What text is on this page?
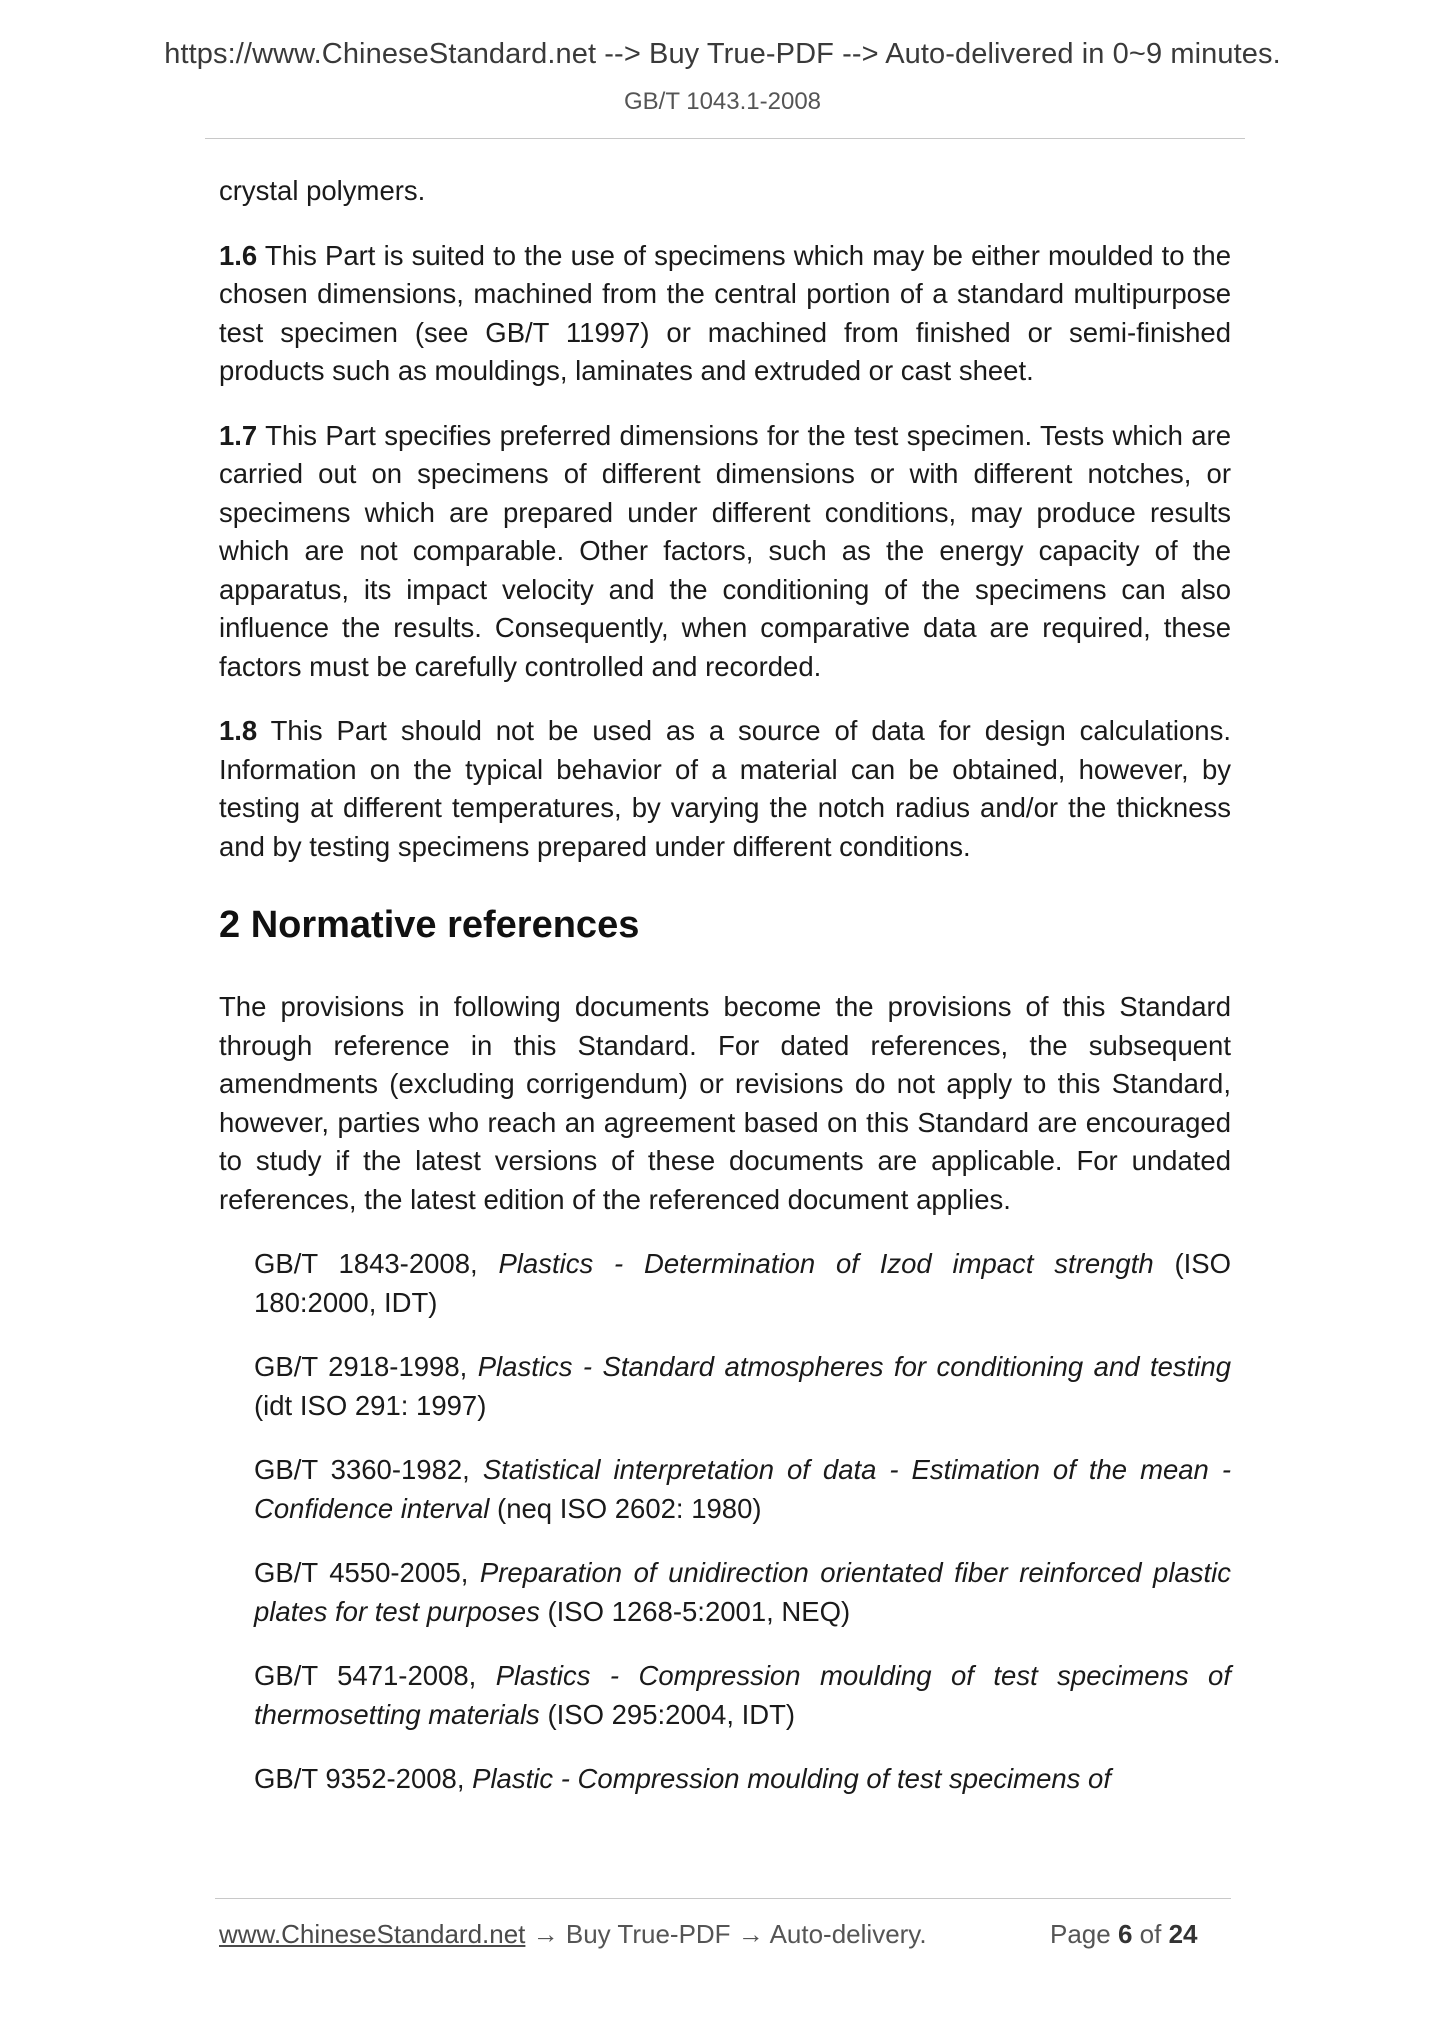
https://www.ChineseStandard.net --> Buy True-PDF --> Auto-delivered in 0~9 minutes.
GB/T 1043.1-2008

crystal polymers.

1.6 This Part is suited to the use of specimens which may be either moulded to the chosen dimensions, machined from the central portion of a standard multipurpose test specimen (see GB/T 11997) or machined from finished or semi-finished products such as mouldings, laminates and extruded or cast sheet.

1.7 This Part specifies preferred dimensions for the test specimen. Tests which are carried out on specimens of different dimensions or with different notches, or specimens which are prepared under different conditions, may produce results which are not comparable. Other factors, such as the energy capacity of the apparatus, its impact velocity and the conditioning of the specimens can also influence the results. Consequently, when comparative data are required, these factors must be carefully controlled and recorded.

1.8 This Part should not be used as a source of data for design calculations. Information on the typical behavior of a material can be obtained, however, by testing at different temperatures, by varying the notch radius and/or the thickness and by testing specimens prepared under different conditions.

2 Normative references

The provisions in following documents become the provisions of this Standard through reference in this Standard. For dated references, the subsequent amendments (excluding corrigendum) or revisions do not apply to this Standard, however, parties who reach an agreement based on this Standard are encouraged to study if the latest versions of these documents are applicable. For undated references, the latest edition of the referenced document applies.

GB/T 1843-2008, Plastics - Determination of Izod impact strength (ISO 180:2000, IDT)

GB/T 2918-1998, Plastics - Standard atmospheres for conditioning and testing (idt ISO 291: 1997)

GB/T 3360-1982, Statistical interpretation of data - Estimation of the mean - Confidence interval (neq ISO 2602: 1980)

GB/T 4550-2005, Preparation of unidirection orientated fiber reinforced plastic plates for test purposes (ISO 1268-5:2001, NEQ)

GB/T 5471-2008, Plastics - Compression moulding of test specimens of thermosetting materials (ISO 295:2004, IDT)

GB/T 9352-2008, Plastic - Compression moulding of test specimens of

www.ChineseStandard.net → Buy True-PDF → Auto-delivery.	Page 6 of 24
